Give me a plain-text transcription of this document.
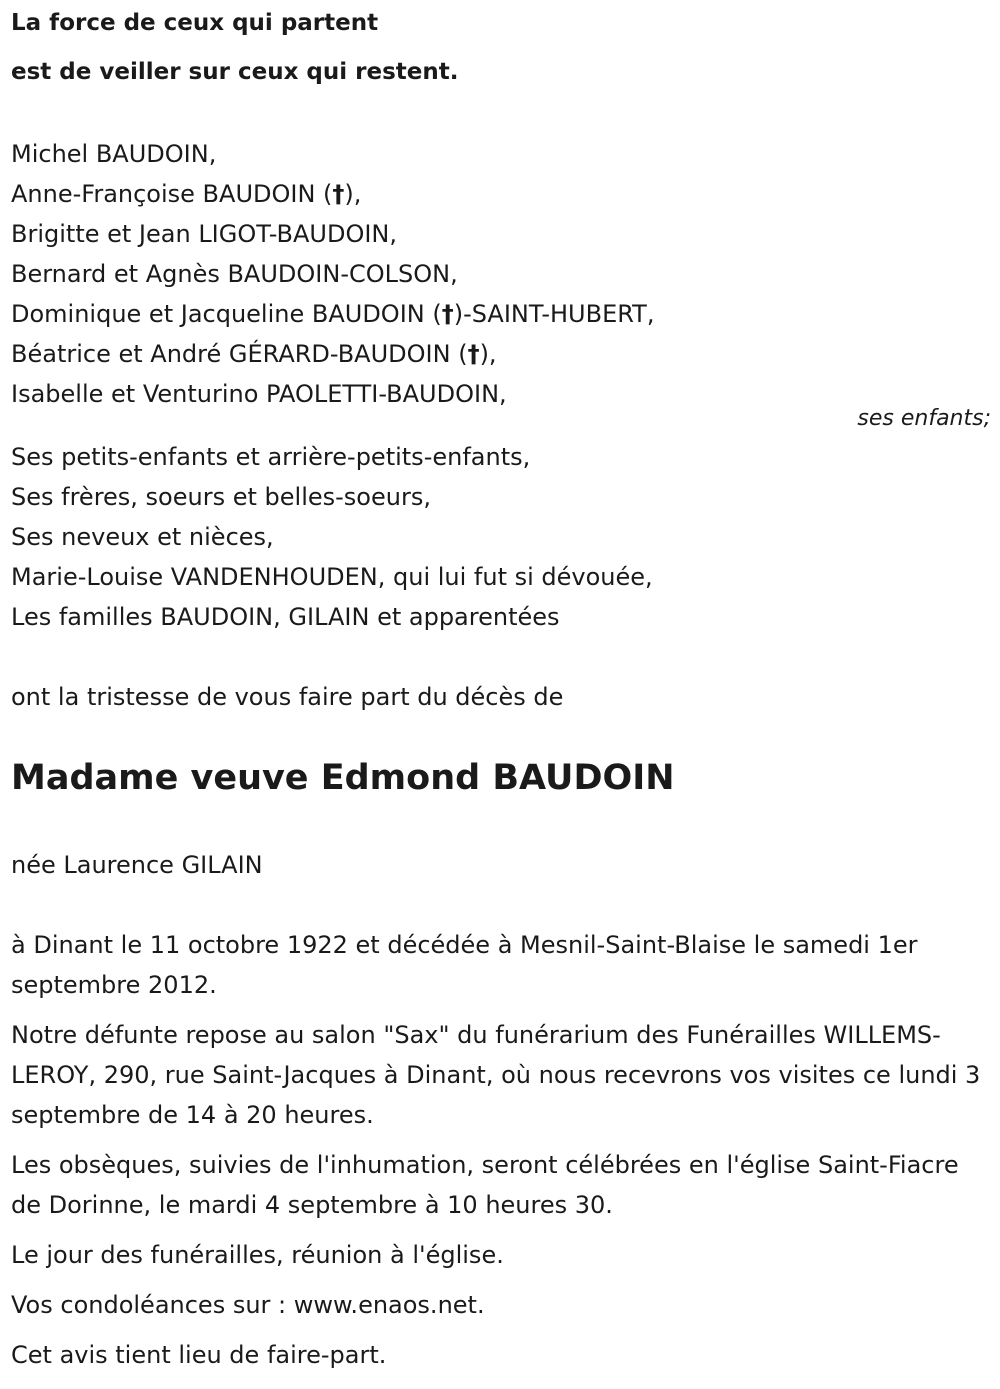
La force de ceux qui partent
est de veiller sur ceux qui restent.
Michel BAUDOIN,
Anne-Françoise BAUDOIN (†),
Brigitte et Jean LIGOT-BAUDOIN,
Bernard et Agnès BAUDOIN-COLSON,
Dominique et Jacqueline BAUDOIN (†)-SAINT-HUBERT,
Béatrice et André GÉRARD-BAUDOIN (†),
Isabelle et Venturino PAOLETTI-BAUDOIN,
ses enfants;
Ses petits-enfants et arrière-petits-enfants,
Ses frères, soeurs et belles-soeurs,
Ses neveux et nièces,
Marie-Louise VANDENHOUDEN, qui lui fut si dévouée,
Les familles BAUDOIN, GILAIN et apparentées
ont la tristesse de vous faire part du décès de
Madame veuve Edmond BAUDOIN
née Laurence GILAIN
à Dinant le 11 octobre 1922 et décédée à Mesnil-Saint-Blaise le samedi 1er septembre 2012.
Notre défunte repose au salon "Sax" du funérarium des Funérailles WILLEMS-LEROY, 290, rue Saint-Jacques à Dinant, où nous recevrons vos visites ce lundi 3 septembre de 14 à 20 heures.
Les obsèques, suivies de l'inhumation, seront célébrées en l'église Saint-Fiacre de Dorinne, le mardi 4 septembre à 10 heures 30.
Le jour des funérailles, réunion à l'église.
Vos condoléances sur : www.enaos.net.
Cet avis tient lieu de faire-part.
